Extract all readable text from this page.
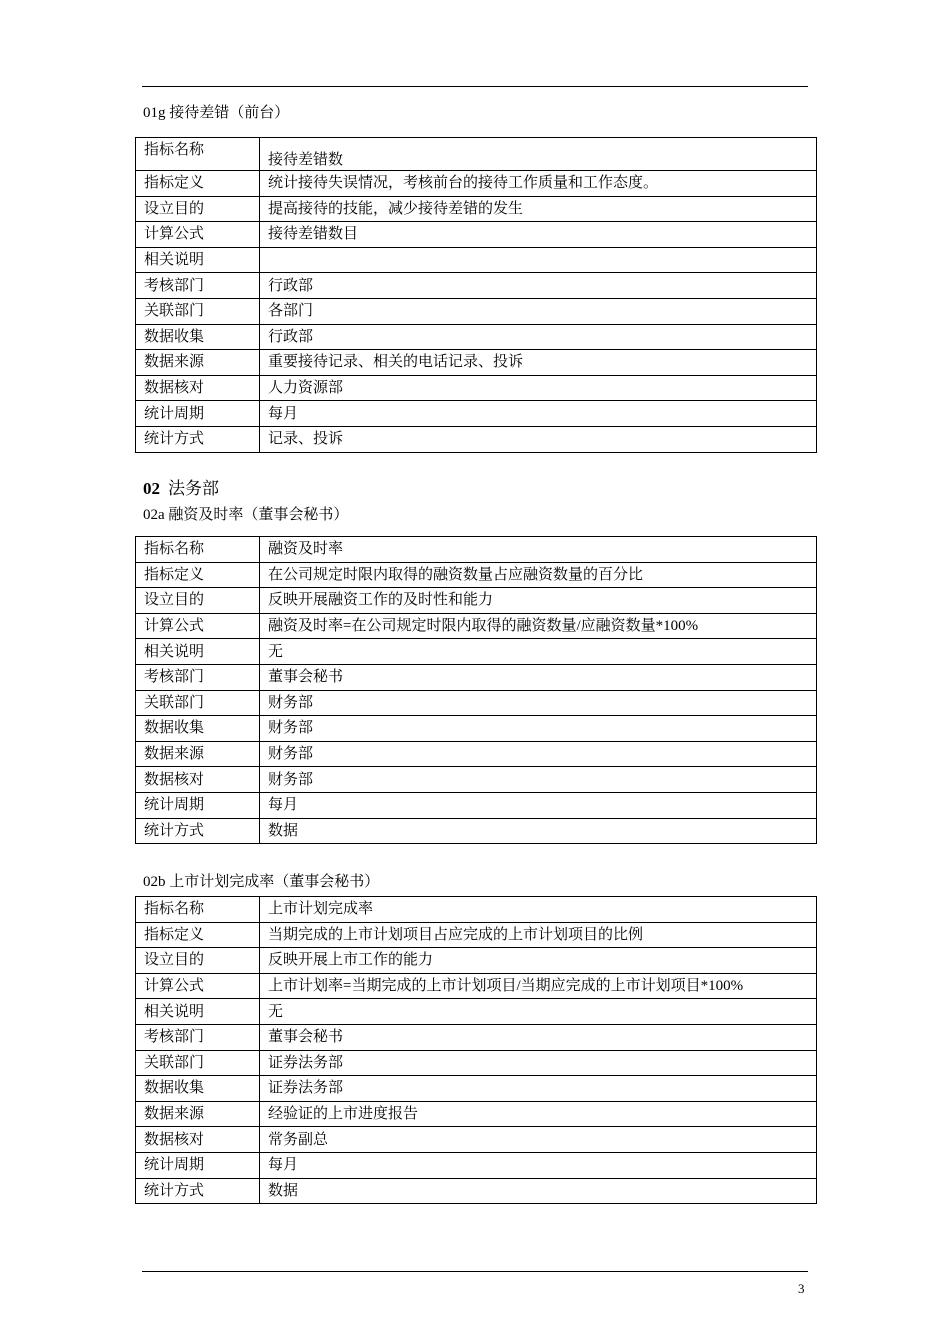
01g 接待差错（前台）
指标名称	接待差错数
指标定义	统计接待失误情况，考核前台的接待工作质量和工作态度。
设立目的	提高接待的技能，减少接待差错的发生
计算公式	接待差错数目
相关说明	
考核部门	行政部
关联部门	各部门
数据收集	行政部
数据来源	重要接待记录、相关的电话记录、投诉
数据核对	人力资源部
统计周期	每月
统计方式	记录、投诉
02 法务部
02a 融资及时率（董事会秘书）
指标名称	融资及时率
指标定义	在公司规定时限内取得的融资数量占应融资数量的百分比
设立目的	反映开展融资工作的及时性和能力
计算公式	融资及时率=在公司规定时限内取得的融资数量/应融资数量*100%
相关说明	无
考核部门	董事会秘书
关联部门	财务部
数据收集	财务部
数据来源	财务部
数据核对	财务部
统计周期	每月
统计方式	数据
02b 上市计划完成率（董事会秘书）
指标名称	上市计划完成率
指标定义	当期完成的上市计划项目占应完成的上市计划项目的比例
设立目的	反映开展上市工作的能力
计算公式	上市计划率=当期完成的上市计划项目/当期应完成的上市计划项目*100%
相关说明	无
考核部门	董事会秘书
关联部门	证券法务部
数据收集	证券法务部
数据来源	经验证的上市进度报告
数据核对	常务副总
统计周期	每月
统计方式	数据
3
